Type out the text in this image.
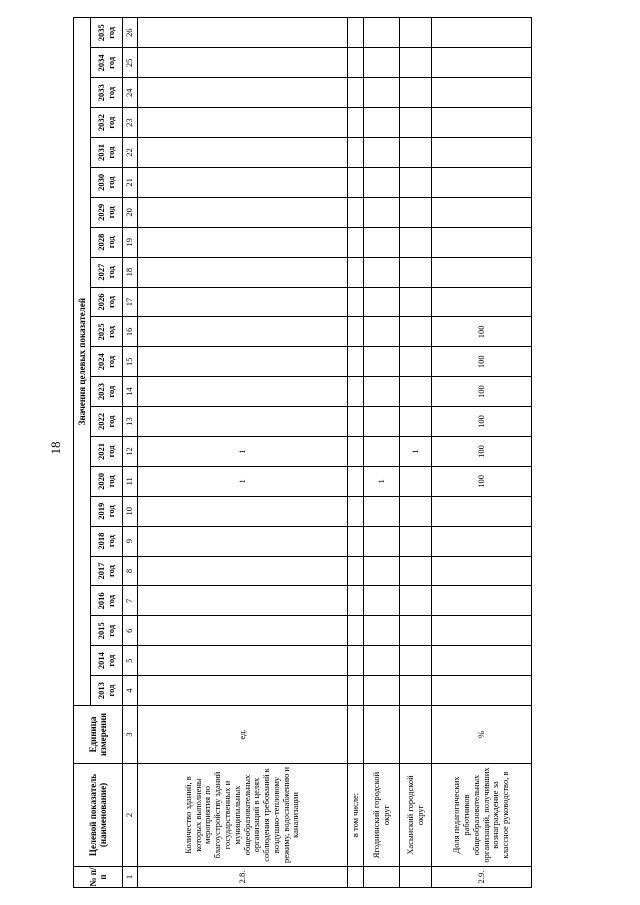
18
№ п/п	Целевой показатель (наименование)	Единица измерения	Значения целевых показателей																						
			2013 год	2014 год	2015 год	2016 год	2017 год	2018 год	2019 год	2020 год	2021 год	2022 год	2023 год	2024 год	2025 год	2026 год	2027 год	2028 год	2029 год	2030 год	2031 год	2032 год	2033 год	2034 год	2035 год
1	2	3	4	5	6	7	8	9	10	11	12	13	14	15	16	17	18	19	20	21	22	23	24	25	26
2.8.	Количество зданий, в которых выполнены мероприятия по благоустройству зданий государственных и муниципальных общеобразовательных организаций в целях соблюдения требований к воздушно-тепловому режиму, водоснабжению и канализации	ед.								1	1														
	в том числе:																								
	Ягоднинский городской округ									1															
	Хасынский городской округ										1														
2.9.	Доля педагогических работников общеобразовательных организаций, получивших вознаграждение за классное руководство, в	%								100	100	100	100	100	100										
